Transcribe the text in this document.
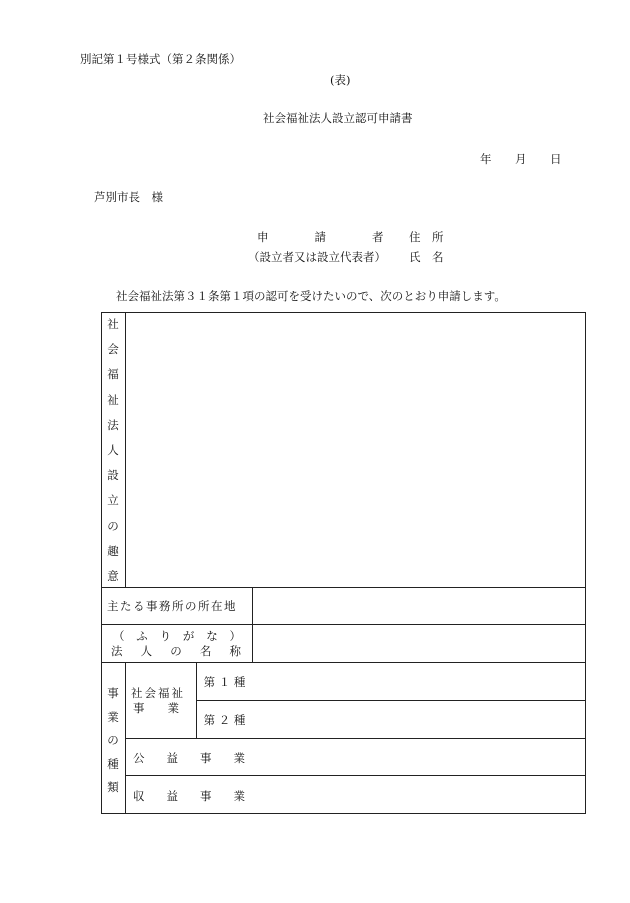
別記第１号様式（第２条関係）
(表)
社会福祉法人設立認可申請書
年 月 日
芦別市長　様
申　　　　請　　　　者 住　所
（設立者又は設立代表者） 氏　名
社会福祉法第３１条第１項の認可を受けたいので、次のとおり申請します。
社
会
福
祉
法
人
設
立
の
趣
意
主たる事務所の所在地
（ ふ り が な ）
法 人 の 名 称
事
業
の
種
類
社会福祉
事　　業
第 １ 種
第 ２ 種
公 益 事 業
収 益 事 業
